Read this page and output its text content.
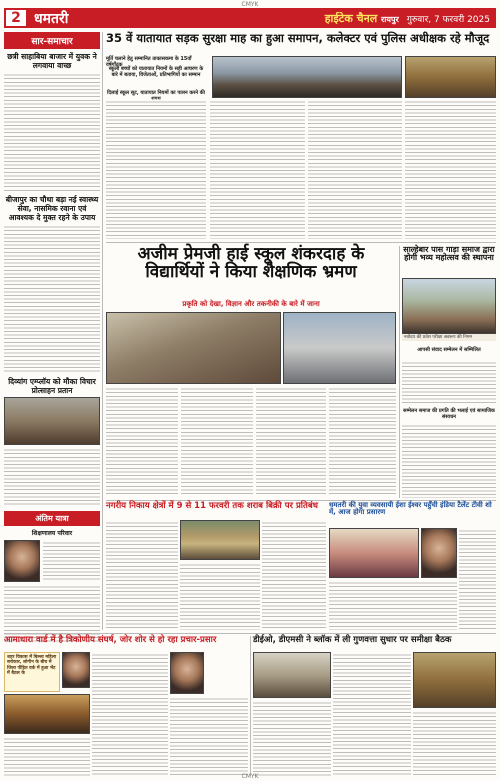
CMYK
2 धमतरी	हाईटेक चैनल रायपुर गुरुवार, 7 फरवरी 2025
सार-समाचार
छत्री साहाबिया बाजार में युवक ने लगवाया वाच्छ
बीजापुर का चौथा बड़ा नई स्वास्थ्य सेवा, नासमिक रवाना एवं आवश्यक दे मुक्त रहने के उपाय
दिव्यांग एम्प्लॉय को मौका विचार प्रोत्साहन प्रतान
अंतिम यात्रा
शिक्षणालय परिवार
35 वें यातायात सड़क सुरक्षा माह का हुआ समापन, कलेक्टर एवं पुलिस अधीक्षक रहे मौजूद
मूर्ति चलाने हेतु सम्मानित ताकासकमा के 15वाँ वर्षगाँठक
स्कूली बच्चों को यातायात नियमों के सही आचरण के बारे में बताया, विजेताओं, प्रतिभागियों का सम्मान
दिलाई स्कूल सूट, यातायात नियमों का पालन करने की
अजीम प्रेमजी हाई स्कूल शंकरदाह के विद्यार्थियों ने किया शैक्षणिक भ्रमण
प्रकृति को देखा, विज्ञान और तकनीकी के बारे में जाना
साल्हेबार पास गाड़ा समाज द्वारा होगी भव्य महोत्सव की स्थापना
नवोदय की प्रवेश परीक्षा अवरूप की निगम
आपसी संवाद सम्मेलन में सम्मिलित
सम्मेलन समाज की प्रगति की भलाई एवं सामाजिक संसाधन
नगरीय निकाय क्षेत्रों में 9 से 11 फरवरी तक शराब बिक्री पर प्रतिबंध	धमतरी की युवा व्यवसायी ईशा ईश्वर पहुँची इंडिया टैलेंट टीवी शो में, आज होगा प्रसारण
आमाधारा वार्ड में है त्रिकोणीय संघर्ष, जोर शोर से हो रहा प्रचार-प्रसार
शहर विकास में बिल्ला महिला सरोकार, लोगीन के बीच में जिला पीड़ित वर्क में हुआ भेंट में बैठल के
डीईओ, डीएमसी ने ब्लॉक में ली गुणवत्ता सुधार पर समीक्षा बैठक
CMYK
